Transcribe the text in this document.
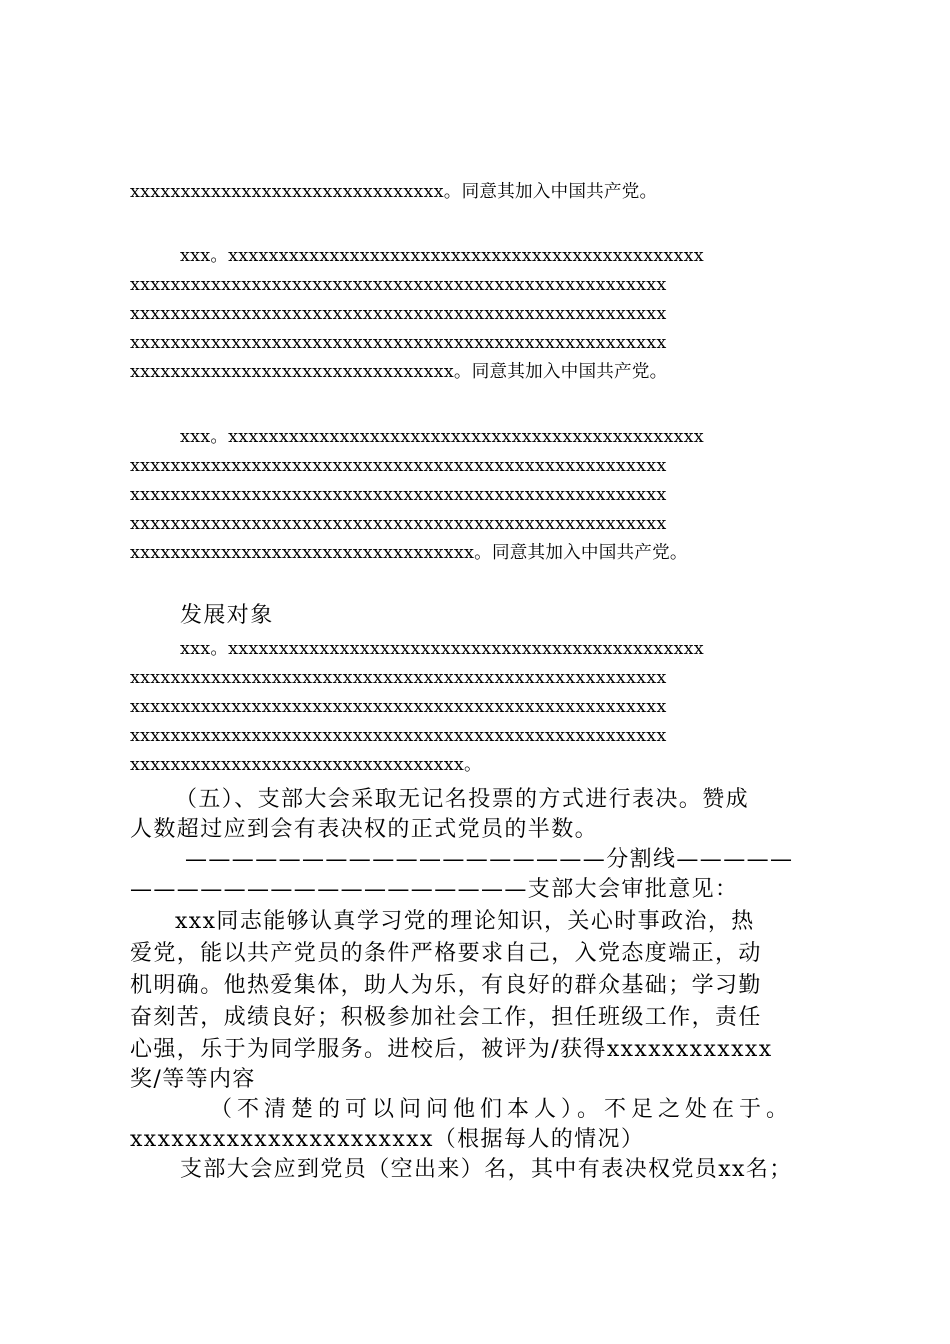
xxxxxxxxxxxxxxxxxxxxxxxxxxxxxxx。同意其加入中国共产党。

xxx。xxxxxxxxxxxxxxxxxxxxxxxxxxxxxxxxxxxxxxxxxxxxxxx

xxxxxxxxxxxxxxxxxxxxxxxxxxxxxxxxxxxxxxxxxxxxxxxxxxxxx

xxxxxxxxxxxxxxxxxxxxxxxxxxxxxxxxxxxxxxxxxxxxxxxxxxxxx

xxxxxxxxxxxxxxxxxxxxxxxxxxxxxxxxxxxxxxxxxxxxxxxxxxxxx

xxxxxxxxxxxxxxxxxxxxxxxxxxxxxxxx。同意其加入中国共产党。

xxx。xxxxxxxxxxxxxxxxxxxxxxxxxxxxxxxxxxxxxxxxxxxxxxx

xxxxxxxxxxxxxxxxxxxxxxxxxxxxxxxxxxxxxxxxxxxxxxxxxxxxx

xxxxxxxxxxxxxxxxxxxxxxxxxxxxxxxxxxxxxxxxxxxxxxxxxxxxx

xxxxxxxxxxxxxxxxxxxxxxxxxxxxxxxxxxxxxxxxxxxxxxxxxxxxx

xxxxxxxxxxxxxxxxxxxxxxxxxxxxxxxxxx。同意其加入中国共产党。

发展对象

xxx。xxxxxxxxxxxxxxxxxxxxxxxxxxxxxxxxxxxxxxxxxxxxxxx

xxxxxxxxxxxxxxxxxxxxxxxxxxxxxxxxxxxxxxxxxxxxxxxxxxxxx

xxxxxxxxxxxxxxxxxxxxxxxxxxxxxxxxxxxxxxxxxxxxxxxxxxxxx

xxxxxxxxxxxxxxxxxxxxxxxxxxxxxxxxxxxxxxxxxxxxxxxxxxxxx

xxxxxxxxxxxxxxxxxxxxxxxxxxxxxxxxx。

（五）、支部大会采取无记名投票的方式进行表决。赞成

人数超过应到会有表决权的正式党员的半数。

——————————————————分割线—————

—————————————————支部大会审批意见：

xxx同志能够认真学习党的理论知识，关心时事政治，热

爱党，能以共产党员的条件严格要求自己，入党态度端正，动

机明确。他热爱集体，助人为乐，有良好的群众基础；学习勤

奋刻苦，成绩良好；积极参加社会工作，担任班级工作，责任

心强，乐于为同学服务。进校后，被评为/获得xxxxxxxxxxxx

奖/等等内容

（不清楚的可以问问他们本人）。不足之处在于。

xxxxxxxxxxxxxxxxxxxxxx（根据每人的情况）

支部大会应到党员（空出来）名，其中有表决权党员xx名；
